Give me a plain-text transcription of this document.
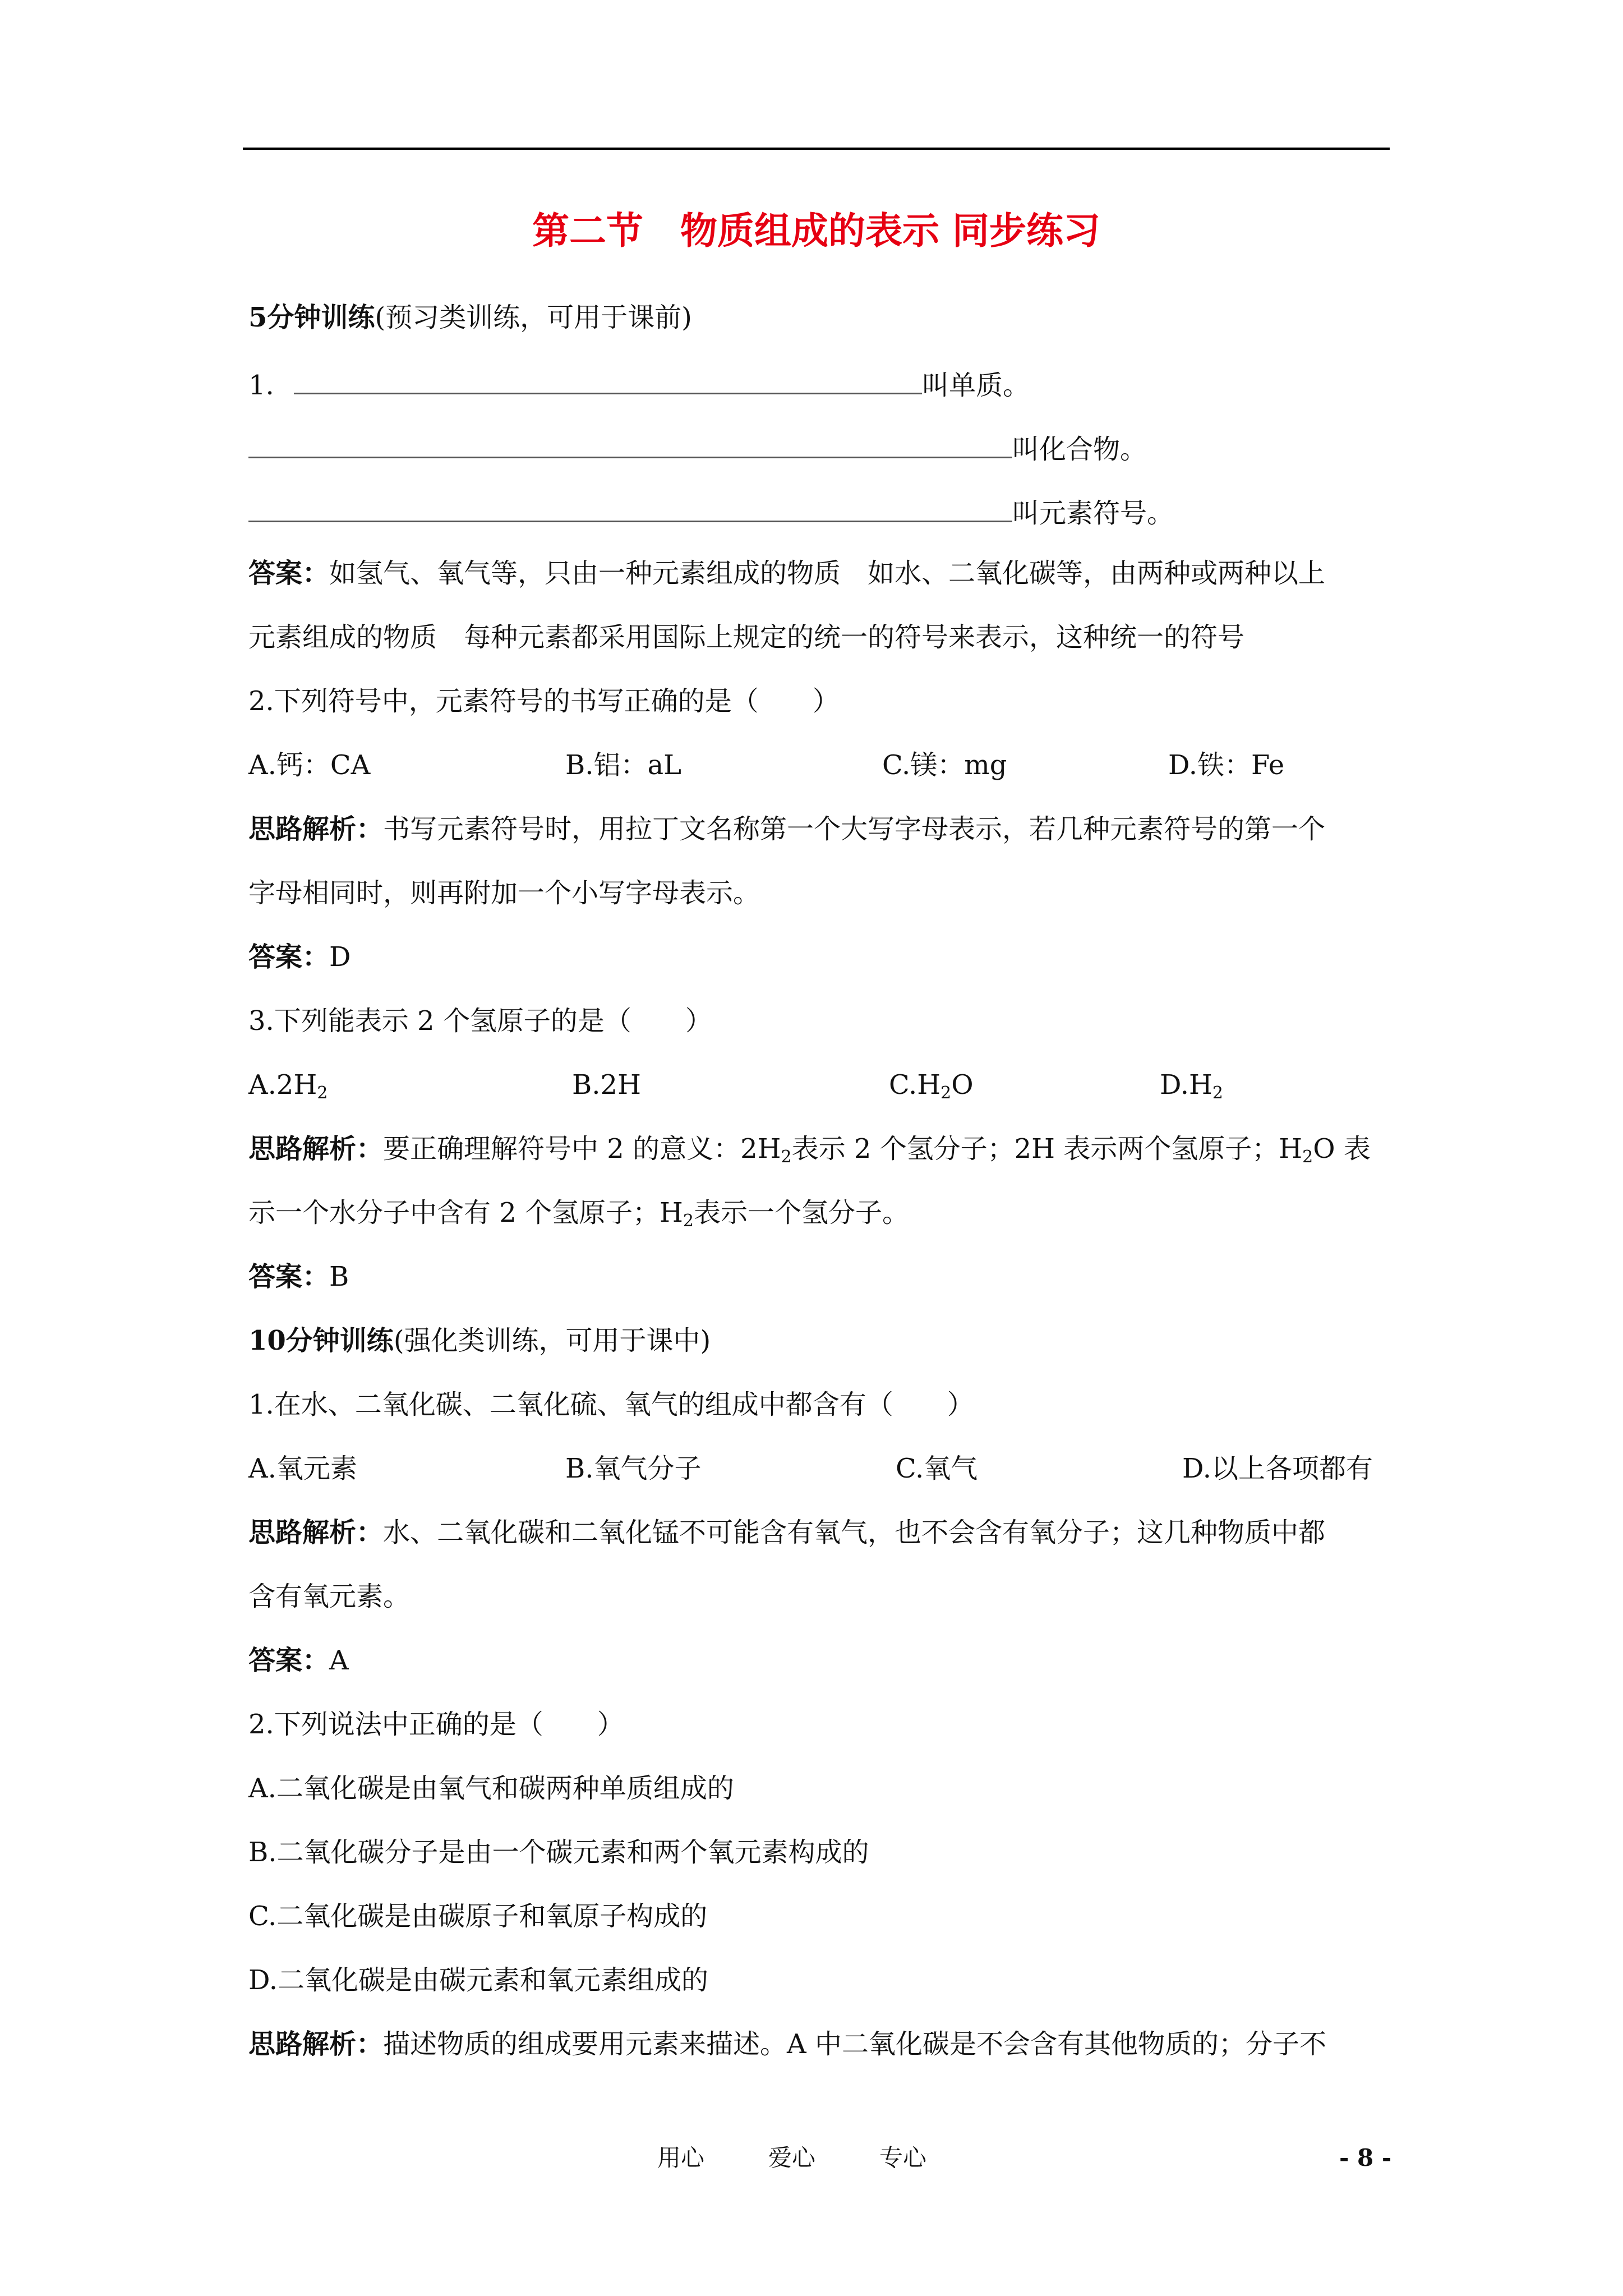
第二节　物质组成的表示 同步练习
5分钟训练(预习类训练，可用于课前)
1.	叫单质。
叫化合物。
叫元素符号。
答案：如氢气、氧气等，只由一种元素组成的物质　如水、二氧化碳等，由两种或两种以上
元素组成的物质　每种元素都采用国际上规定的统一的符号来表示，这种统一的符号
2.下列符号中，元素符号的书写正确的是（　　）
A.钙：CA	B.铝：aL	C.镁：mg	D.铁：Fe
思路解析：书写元素符号时，用拉丁文名称第一个大写字母表示，若几种元素符号的第一个
字母相同时，则再附加一个小写字母表示。
答案：D
3.下列能表示 2 个氢原子的是（　　）
$A.2H_2$	B.2H	$C.H_2O$	$D.H_2$
思路解析：要正确理解符号中 2 的意义：$2H_2$表示 2 个氢分子；2H 表示两个氢原子；$H_2O$ 表
示一个水分子中含有 2 个氢原子；$H_2$表示一个氢分子。
答案：B
10分钟训练(强化类训练，可用于课中)
1.在水、二氧化碳、二氧化硫、氧气的组成中都含有（　　）
A.氧元素	B.氧气分子	C.氧气	D.以上各项都有
思路解析：水、二氧化碳和二氧化锰不可能含有氧气，也不会含有氧分子；这几种物质中都
含有氧元素。
答案：A
2.下列说法中正确的是（　　）
A.二氧化碳是由氧气和碳两种单质组成的
B.二氧化碳分子是由一个碳元素和两个氧元素构成的
C.二氧化碳是由碳原子和氧原子构成的
D.二氧化碳是由碳元素和氧元素组成的
思路解析：描述物质的组成要用元素来描述。A 中二氧化碳是不会含有其他物质的；分子不
用心	爱心	专心	- 8 -
